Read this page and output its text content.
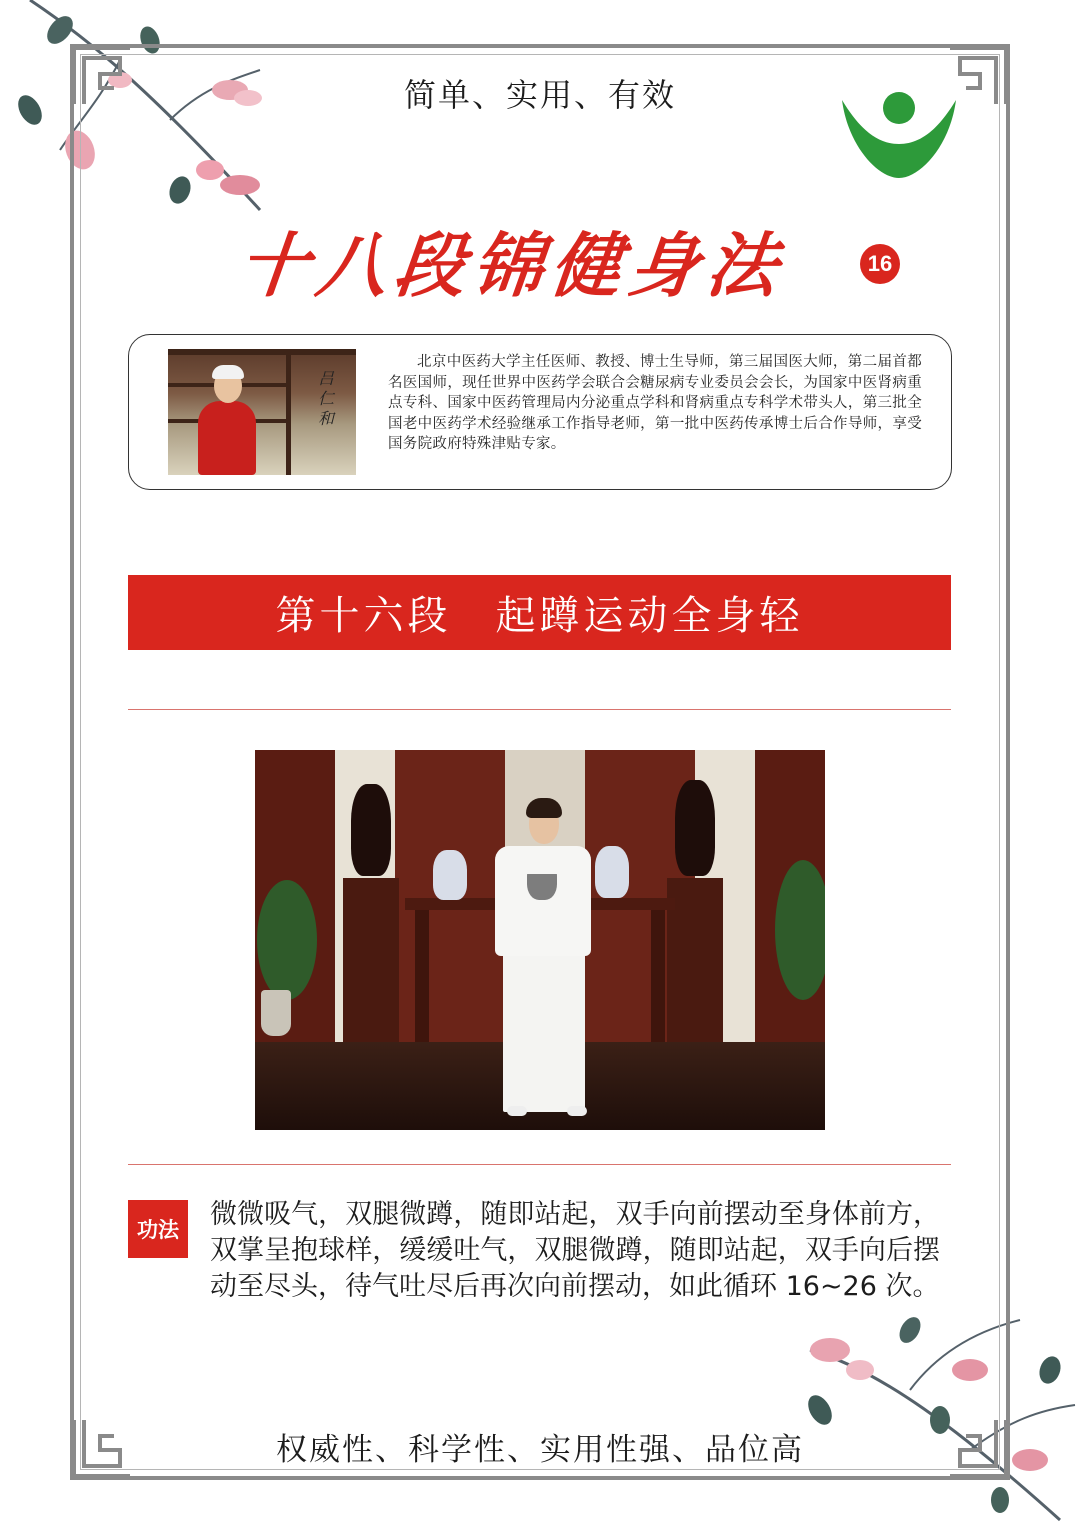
简单、实用、有效
十八段锦健身法	16
吕仁和
北京中医药大学主任医师、教授、博士生导师，第三届国医大师，第二届首都名医国师，现任世界中医药学会联合会糖尿病专业委员会会长，为国家中医肾病重点专科、国家中医药管理局内分泌重点学科和肾病重点专科学术带头人，第三批全国老中医药学术经验继承工作指导老师，第一批中医药传承博士后合作导师，享受国务院政府特殊津贴专家。
第十六段　起蹲运动全身轻
功法	微微吸气，双腿微蹲，随即站起，双手向前摆动至身体前方，双掌呈抱球样，缓缓吐气，双腿微蹲，随即站起，双手向后摆动至尽头，待气吐尽后再次向前摆动，如此循环 16~26 次。
权威性、科学性、实用性强、品位高
